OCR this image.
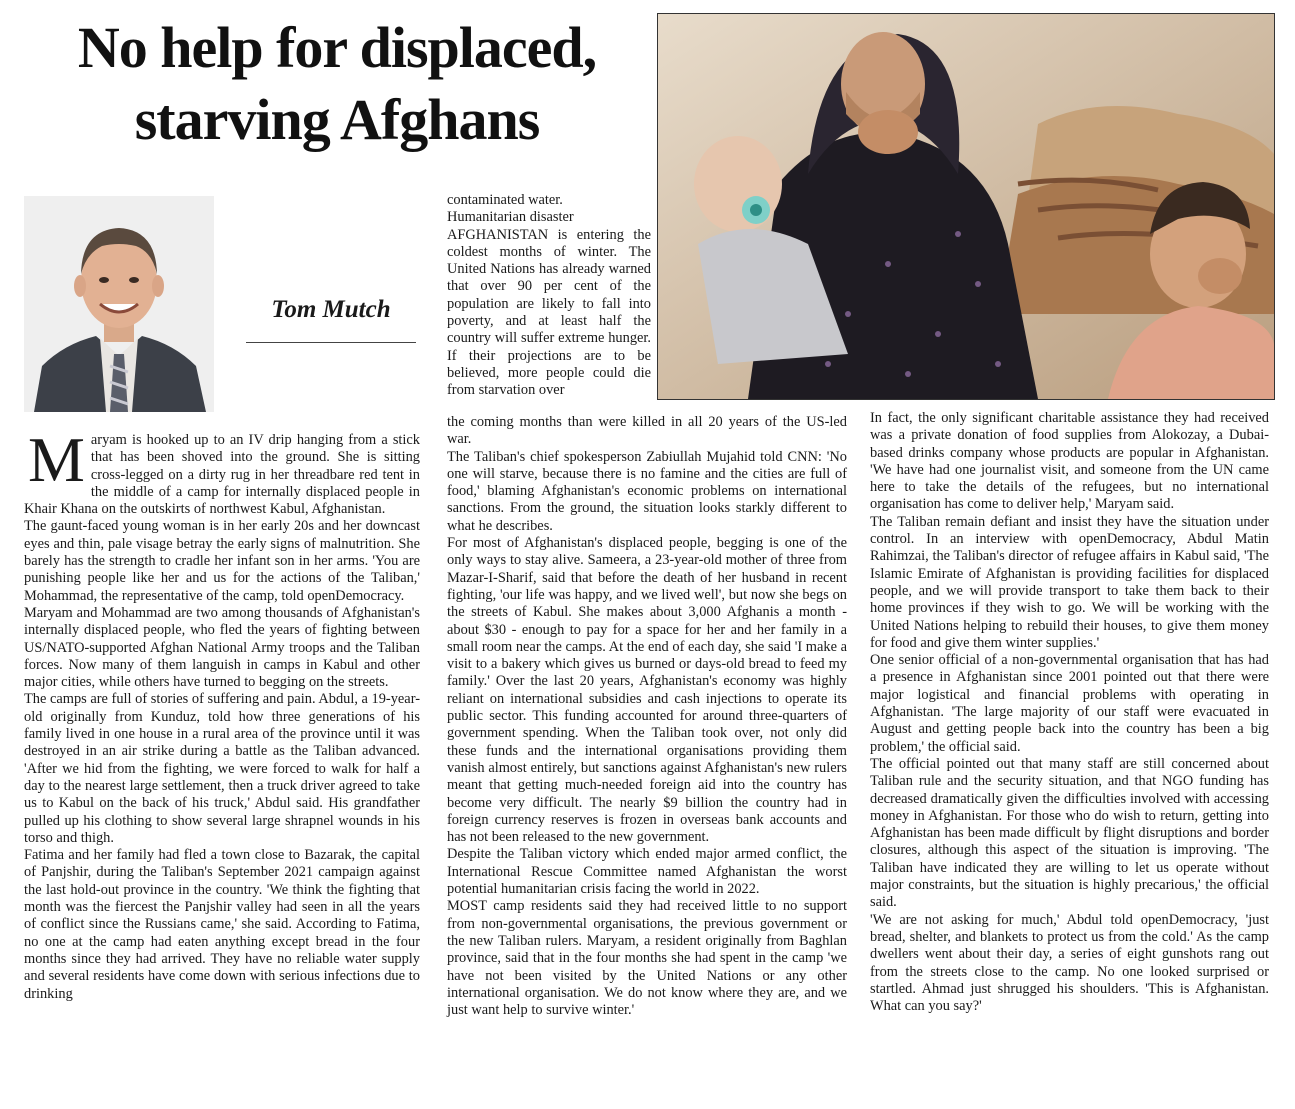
No help for displaced,
starving Afghans

Tom Mutch

Maryam is hooked up to an IV drip hanging from a stick that has been shoved into the ground. She is sitting cross-legged on a dirty rug in her threadbare red tent in the middle of a camp for internally displaced people in Khair Khana on the outskirts of northwest Kabul, Afghanistan.

The gaunt-faced young woman is in her early 20s and her downcast eyes and thin, pale visage betray the early signs of malnutrition. She barely has the strength to cradle her infant son in her arms. 'You are punishing people like her and us for the actions of the Taliban,' Mohammad, the representative of the camp, told openDemocracy.

Maryam and Mohammad are two among thousands of Afghanistan's internally displaced people, who fled the years of fighting between US/NATO-supported Afghan National Army troops and the Taliban forces. Now many of them languish in camps in Kabul and other major cities, while others have turned to begging on the streets.

The camps are full of stories of suffering and pain. Abdul, a 19-year-old originally from Kunduz, told how three generations of his family lived in one house in a rural area of the province until it was destroyed in an air strike during a battle as the Taliban advanced. 'After we hid from the fighting, we were forced to walk for half a day to the nearest large settlement, then a truck driver agreed to take us to Kabul on the back of his truck,' Abdul said. His grandfather pulled up his clothing to show several large shrapnel wounds in his torso and thigh.

Fatima and her family had fled a town close to Bazarak, the capital of Panjshir, during the Taliban's September 2021 campaign against the last hold-out province in the country. 'We think the fighting that month was the fiercest the Panjshir valley had seen in all the years of conflict since the Russians came,' she said. According to Fatima, no one at the camp had eaten anything except bread in the four months since they had arrived. They have no reliable water supply and several residents have come down with serious infections due to drinking

contaminated water.

Humanitarian disaster

AFGHANISTAN is entering the coldest months of winter. The United Nations has already warned that over 90 per cent of the population are likely to fall into poverty, and at least half the country will suffer extreme hunger. If their projections are to be believed, more people could die from starvation over

the coming months than were killed in all 20 years of the US-led war.

The Taliban's chief spokesperson Zabiullah Mujahid told CNN: 'No one will starve, because there is no famine and the cities are full of food,' blaming Afghanistan's economic problems on international sanctions. From the ground, the situation looks starkly different to what he describes.

For most of Afghanistan's displaced people, begging is one of the only ways to stay alive. Sameera, a 23-year-old mother of three from Mazar-I-Sharif, said that before the death of her husband in recent fighting, 'our life was happy, and we lived well', but now she begs on the streets of Kabul. She makes about 3,000 Afghanis a month - about $30 - enough to pay for a space for her and her family in a small room near the camps. At the end of each day, she said 'I make a visit to a bakery which gives us burned or days-old bread to feed my family.' Over the last 20 years, Afghanistan's economy was highly reliant on international subsidies and cash injections to operate its public sector. This funding accounted for around three-quarters of government spending. When the Taliban took over, not only did these funds and the international organisations providing them vanish almost entirely, but sanctions against Afghanistan's new rulers meant that getting much-needed foreign aid into the country has become very difficult. The nearly $9 billion the country had in foreign currency reserves is frozen in overseas bank accounts and has not been released to the new government.

Despite the Taliban victory which ended major armed conflict, the International Rescue Committee named Afghanistan the worst potential humanitarian crisis facing the world in 2022.

MOST camp residents said they had received little to no support from non-governmental organisations, the previous government or the new Taliban rulers. Maryam, a resident originally from Baghlan province, said that in the four months she had spent in the camp 'we have not been visited by the United Nations or any other international organisation. We do not know where they are, and we just want help to survive winter.'

In fact, the only significant charitable assistance they had received was a private donation of food supplies from Alokozay, a Dubai-based drinks company whose products are popular in Afghanistan. 'We have had one journalist visit, and someone from the UN came here to take the details of the refugees, but no international organisation has come to deliver help,' Maryam said.

The Taliban remain defiant and insist they have the situation under control. In an interview with openDemocracy, Abdul Matin Rahimzai, the Taliban's director of refugee affairs in Kabul said, 'The Islamic Emirate of Afghanistan is providing facilities for displaced people, and we will provide transport to take them back to their home provinces if they wish to go. We will be working with the United Nations helping to rebuild their houses, to give them money for food and give them winter supplies.'

One senior official of a non-governmental organisation that has had a presence in Afghanistan since 2001 pointed out that there were major logistical and financial problems with operating in Afghanistan. 'The large majority of our staff were evacuated in August and getting people back into the country has been a big problem,' the official said.

The official pointed out that many staff are still concerned about Taliban rule and the security situation, and that NGO funding has decreased dramatically given the difficulties involved with accessing money in Afghanistan. For those who do wish to return, getting into Afghanistan has been made difficult by flight disruptions and border closures, although this aspect of the situation is improving. 'The Taliban have indicated they are willing to let us operate without major constraints, but the situation is highly precarious,' the official said.

'We are not asking for much,' Abdul told openDemocracy, 'just bread, shelter, and blankets to protect us from the cold.' As the camp dwellers went about their day, a series of eight gunshots rang out from the streets close to the camp. No one looked surprised or startled. Ahmad just shrugged his shoulders. 'This is Afghanistan. What can you say?'
